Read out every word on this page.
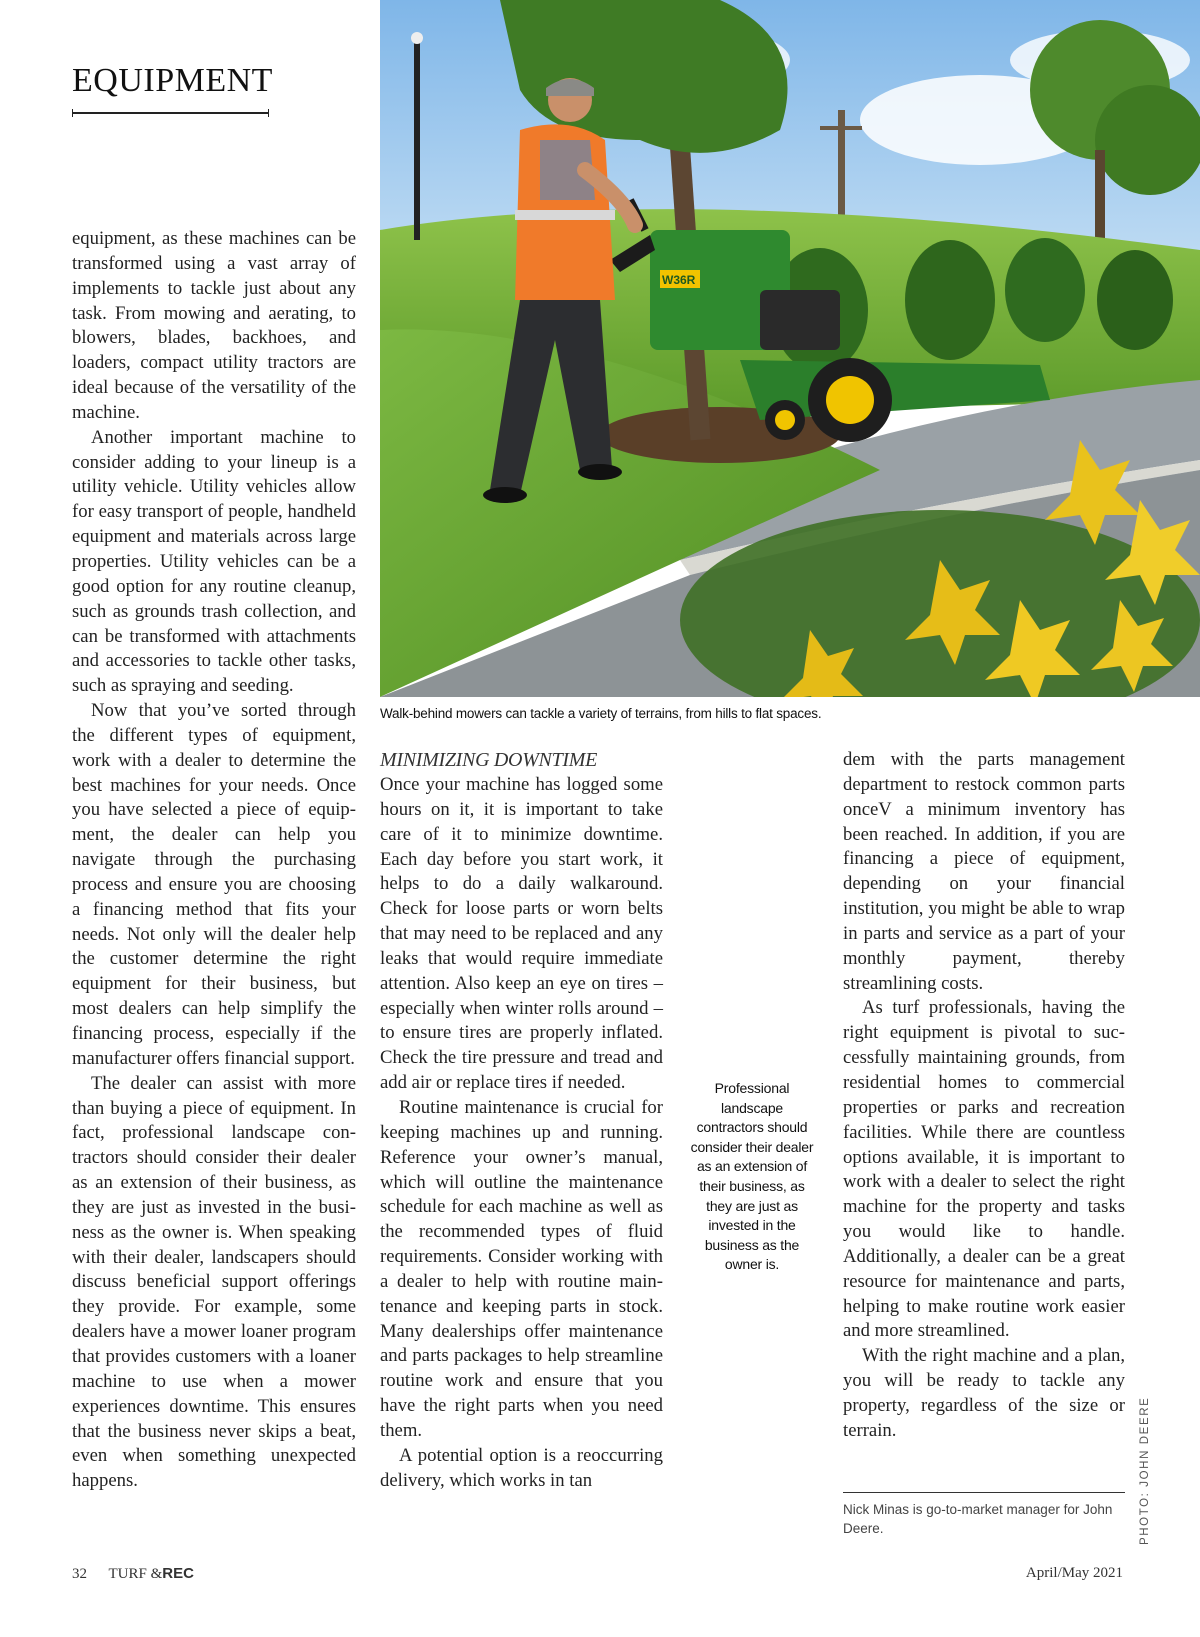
EQUIPMENT
W36R
Walk-behind mowers can tackle a variety of terrains, from hills to flat spaces.
PHOTO: JOHN DEERE

equipment, as these machines can be transformed using a vast array of implements to tackle just about any task. From mowing and aerating, to blowers, blades, backhoes, and loaders, compact utility tractors are ideal because of the versatility of the machine.

Another important machine to consider adding to your lineup is a utility vehicle. Utility vehicles allow for easy transport of people, handheld equipment and materials across large properties. Utility vehicles can be a good option for any routine cleanup, such as grounds trash collection, and can be transformed with attachments and accessories to tackle other tasks, such as spraying and seeding.

Now that you’ve sorted through the different types of equipment, work with a dealer to determine the best machines for your needs. Once you have selected a piece of equipment, the dealer can help you navigate through the purchasing process and ensure you are choosing a financing method that fits your needs. Not only will the dealer help the customer determine the right equipment for their business, but most dealers can help simplify the financing process, especially if the manufacturer offers financial support.

The dealer can assist with more than buying a piece of equipment. In fact, professional landscape contractors should consider their dealer as an extension of their business, as they are just as invested in the business as the owner is. When speaking with their dealer, landscapers should discuss beneficial support offerings they provide. For example, some dealers have a mower loaner program that provides customers with a loaner machine to use when a mower experiences downtime. This ensures that the business never skips a beat, even when something unexpected happens.

MINIMIZING DOWNTIME

Once your machine has logged some hours on it, it is important to take care of it to minimize downtime. Each day before you start work, it helps to do a daily walkaround. Check for loose parts or worn belts that may need to be replaced and any leaks that would require immediate attention. Also keep an eye on tires – especially when winter rolls around – to ensure tires are properly inflated. Check the tire pressure and tread and add air or replace tires if needed.

Routine maintenance is crucial for keeping machines up and running. Reference your owner’s manual, which will outline the maintenance schedule for each machine as well as the recommended types of fluid requirements. Consider working with a dealer to help with routine maintenance and keeping parts in stock. Many dealerships offer maintenance and parts packages to help streamline routine work and ensure that you have the right parts when you need them.

A potential option is a reoccurring delivery, which works in tan

Professional landscape contractors should consider their dealer as an extension of their business, as they are just as invested in the business as the owner is.

dem with the parts management department to restock common parts onceV a minimum inventory has been reached. In addition, if you are financing a piece of equipment, depending on your financial institution, you might be able to wrap in parts and service as a part of your monthly payment, thereby streamlining costs.

As turf professionals, having the right equipment is pivotal to successfully maintaining grounds, from residential homes to commercial properties or parks and recreation facilities. While there are countless options available, it is important to work with a dealer to select the right machine for the property and tasks you would like to handle. Additionally, a dealer can be a great resource for maintenance and parts, helping to make routine work easier and more streamlined.

With the right machine and a plan, you will be ready to tackle any property, regardless of the size or terrain.

Nick Minas is go-to-market manager for John Deere.
32 TURF &REC	April/May 2021
